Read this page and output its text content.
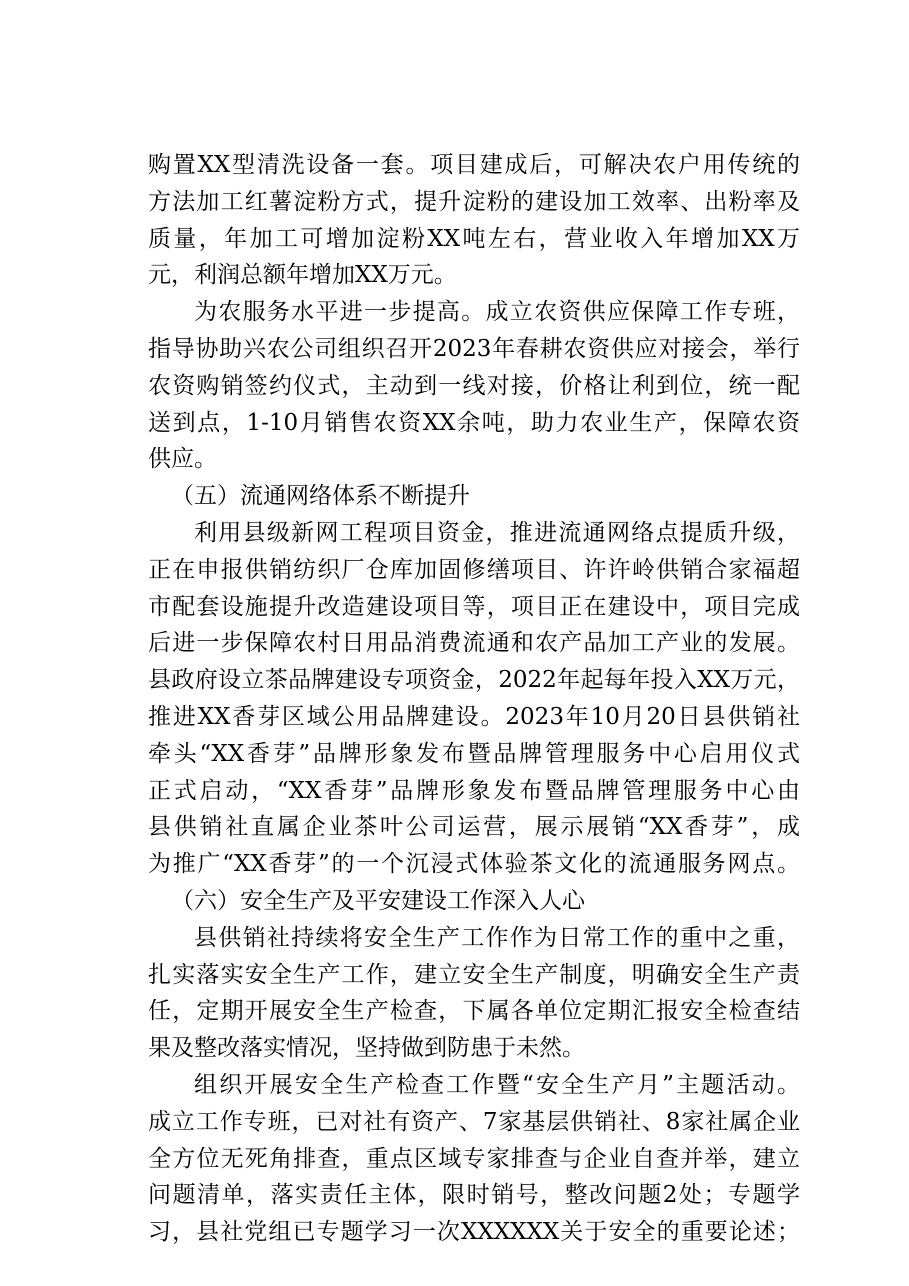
购置XX型清洗设备一套。项目建成后，可解决农户用传统的
方法加工红薯淀粉方式，提升淀粉的建设加工效率、出粉率及
质量，年加工可增加淀粉XX吨左右，营业收入年增加XX万
元，利润总额年增加XX万元。
为农服务水平进一步提高。成立农资供应保障工作专班，
指导协助兴农公司组织召开2023年春耕农资供应对接会，举行
农资购销签约仪式，主动到一线对接，价格让利到位，统一配
送到点，1-10月销售农资XX余吨，助力农业生产，保障农资
供应。
（五）流通网络体系不断提升
利用县级新网工程项目资金，推进流通网络点提质升级，
正在申报供销纺织厂仓库加固修缮项目、许许岭供销合家福超
市配套设施提升改造建设项目等，项目正在建设中，项目完成
后进一步保障农村日用品消费流通和农产品加工产业的发展。
县政府设立茶品牌建设专项资金，2022年起每年投入XX万元，
推进XX香芽区域公用品牌建设。2023年10月20日县供销社
牵头“XX香芽”品牌形象发布暨品牌管理服务中心启用仪式
正式启动，“XX香芽”品牌形象发布暨品牌管理服务中心由
县供销社直属企业茶叶公司运营，展示展销“XX香芽”，成
为推广“XX香芽”的一个沉浸式体验茶文化的流通服务网点。
（六）安全生产及平安建设工作深入人心
县供销社持续将安全生产工作作为日常工作的重中之重，
扎实落实安全生产工作，建立安全生产制度，明确安全生产责
任，定期开展安全生产检查，下属各单位定期汇报安全检查结
果及整改落实情况，坚持做到防患于未然。
组织开展安全生产检查工作暨“安全生产月”主题活动。
成立工作专班，已对社有资产、7家基层供销社、8家社属企业
全方位无死角排查，重点区域专家排查与企业自查并举，建立
问题清单，落实责任主体，限时销号，整改问题2处；专题学
习，县社党组已专题学习一次XXXXXX关于安全的重要论述；
